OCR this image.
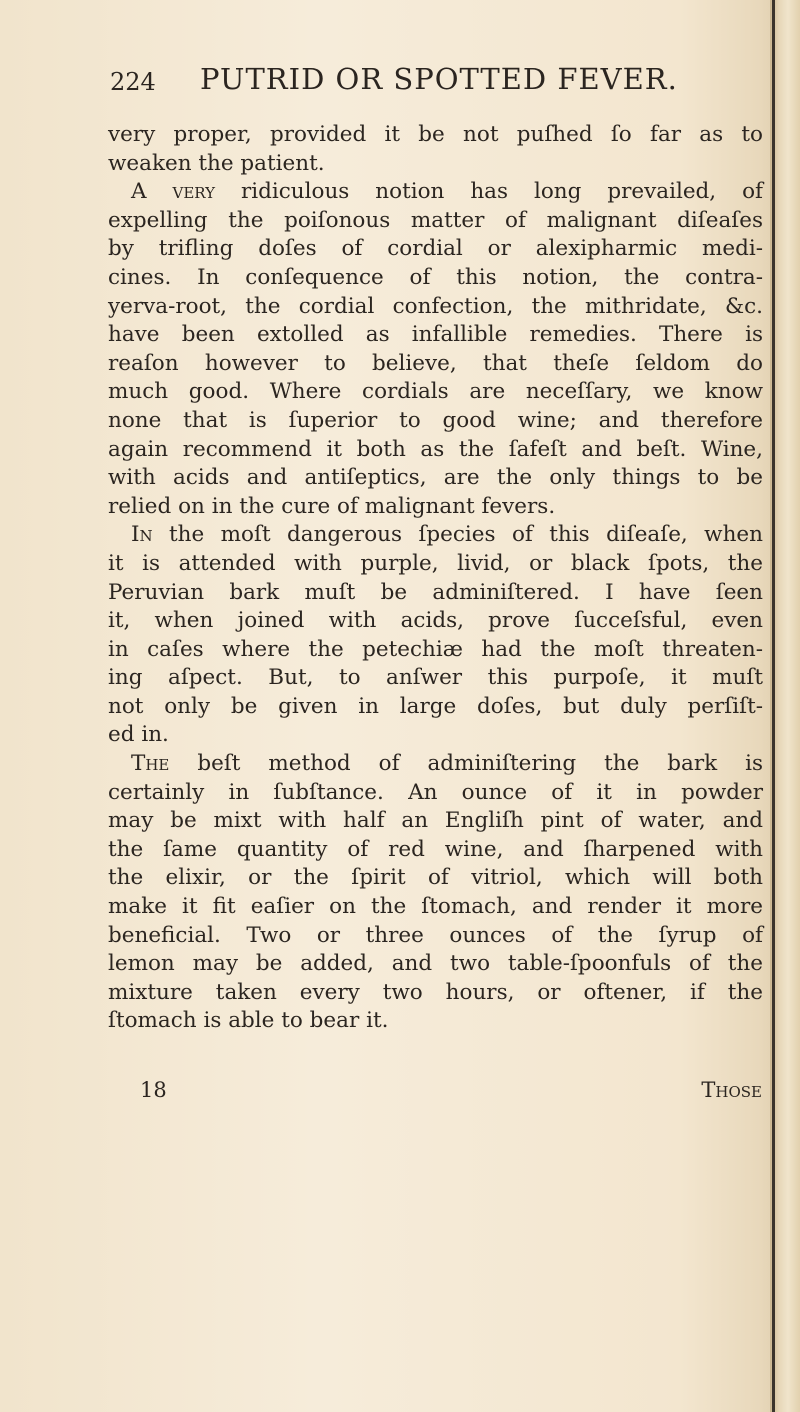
224 PUTRID OR SPOTTED FEVER.
very proper, provided it be not puſhed ſo far as to
weaken the patient.
A very ridiculous notion has long prevailed, of
expelling the poiſonous matter of malignant diſeaſes
by trifling doſes of cordial or alexipharmic medi-
cines. In conſequence of this notion, the contra-
yerva-root, the cordial confection, the mithridate, &c.
have been extolled as infallible remedies. There is
reaſon however to believe, that theſe ſeldom do
much good. Where cordials are neceſſary, we know
none that is ſuperior to good wine; and therefore
again recommend it both as the ſafeſt and beſt. Wine,
with acids and antiſeptics, are the only things to be
relied on in the cure of malignant fevers.
In the moſt dangerous ſpecies of this diſeaſe, when
it is attended with purple, livid, or black ſpots, the
Peruvian bark muſt be adminiſtered. I have ſeen
it, when joined with acids, prove ſucceſsful, even
in caſes where the petechiæ had the moſt threaten-
ing aſpect. But, to anſwer this purpoſe, it muſt
not only be given in large doſes, but duly perſiſt-
ed in.
The beſt method of adminiſtering the bark is
certainly in ſubſtance. An ounce of it in powder
may be mixt with half an Engliſh pint of water, and
the ſame quantity of red wine, and ſharpened with
the elixir, or the ſpirit of vitriol, which will both
make it fit eaſier on the ſtomach, and render it more
beneficial. Two or three ounces of the ſyrup of
lemon may be added, and two table-ſpoonfuls of the
mixture taken every two hours, or oftener, if the
ſtomach is able to bear it.
18	Those
